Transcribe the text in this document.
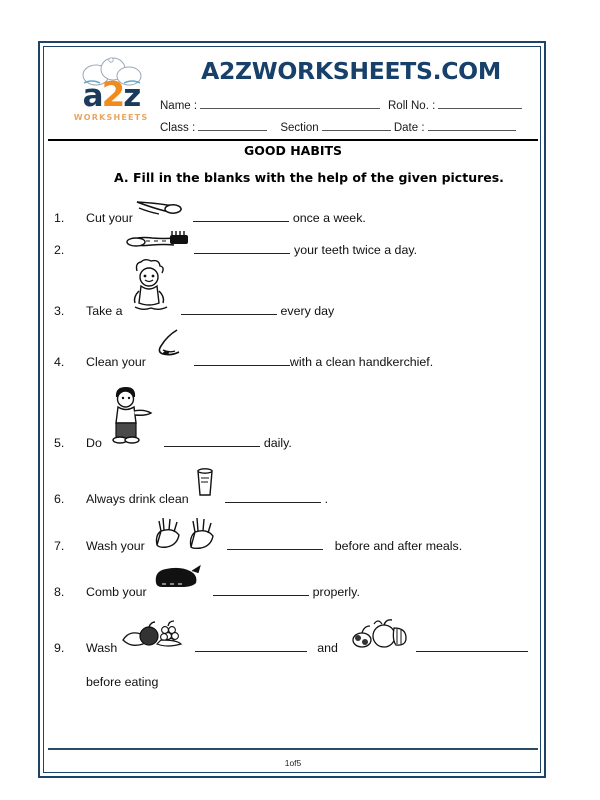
a2z
WORKSHEETS
A2ZWORKSHEETS.COM
Name :	Roll No. :
Class :	Section	Date :
GOOD HABITS
A. Fill in the blanks with the help of the given pictures.
1.	Cut your	once a week.
2.	your teeth twice a day.
3.	Take a	every day
4.	Clean your	with a clean handkerchief.
5.	Do	daily.
6.	Always drink clean	.
7.	Wash your	before and after meals.
8.	Comb your	properly.
9.	Wash	and
before eating
1of5
